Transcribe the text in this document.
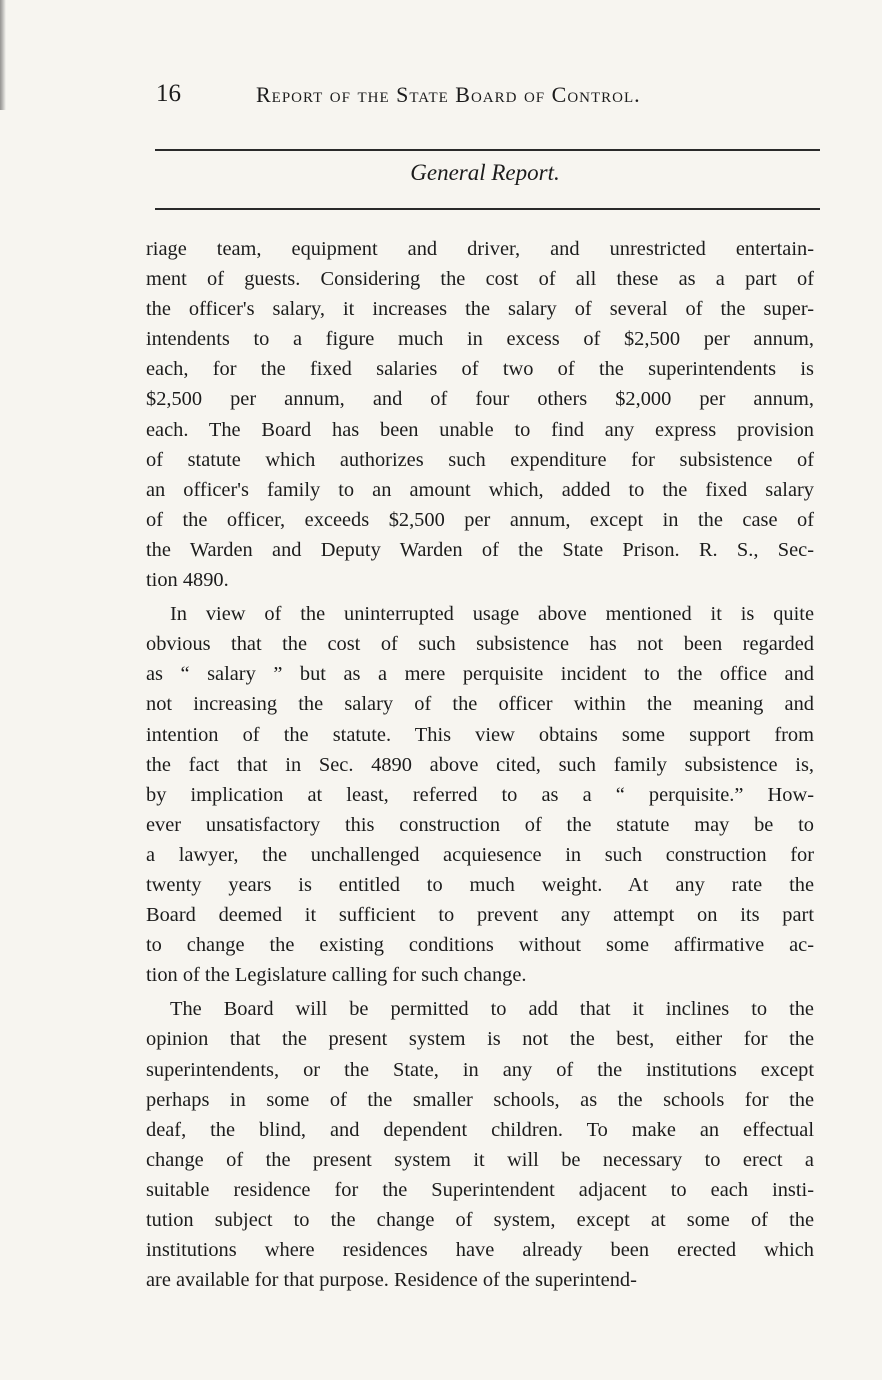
16	Report of the State Board of Control.
General Report.
riage team, equipment and driver, and unrestricted entertain-
ment of guests. Considering the cost of all these as a part of
the officer's salary, it increases the salary of several of the super-
intendents to a figure much in excess of $2,500 per annum,
each, for the fixed salaries of two of the superintendents is
$2,500 per annum, and of four others $2,000 per annum,
each. The Board has been unable to find any express provision
of statute which authorizes such expenditure for subsistence of
an officer's family to an amount which, added to the fixed salary
of the officer, exceeds $2,500 per annum, except in the case of
the Warden and Deputy Warden of the State Prison. R. S., Sec-
tion 4890.
In view of the uninterrupted usage above mentioned it is quite
obvious that the cost of such subsistence has not been regarded
as “ salary ” but as a mere perquisite incident to the office and
not increasing the salary of the officer within the meaning and
intention of the statute. This view obtains some support from
the fact that in Sec. 4890 above cited, such family subsistence is,
by implication at least, referred to as a “ perquisite.” How-
ever unsatisfactory this construction of the statute may be to
a lawyer, the unchallenged acquiesence in such construction for
twenty years is entitled to much weight. At any rate the
Board deemed it sufficient to prevent any attempt on its part
to change the existing conditions without some affirmative ac-
tion of the Legislature calling for such change.
The Board will be permitted to add that it inclines to the
opinion that the present system is not the best, either for the
superintendents, or the State, in any of the institutions except
perhaps in some of the smaller schools, as the schools for the
deaf, the blind, and dependent children. To make an effectual
change of the present system it will be necessary to erect a
suitable residence for the Superintendent adjacent to each insti-
tution subject to the change of system, except at some of the
institutions where residences have already been erected which
are available for that purpose. Residence of the superintend-
